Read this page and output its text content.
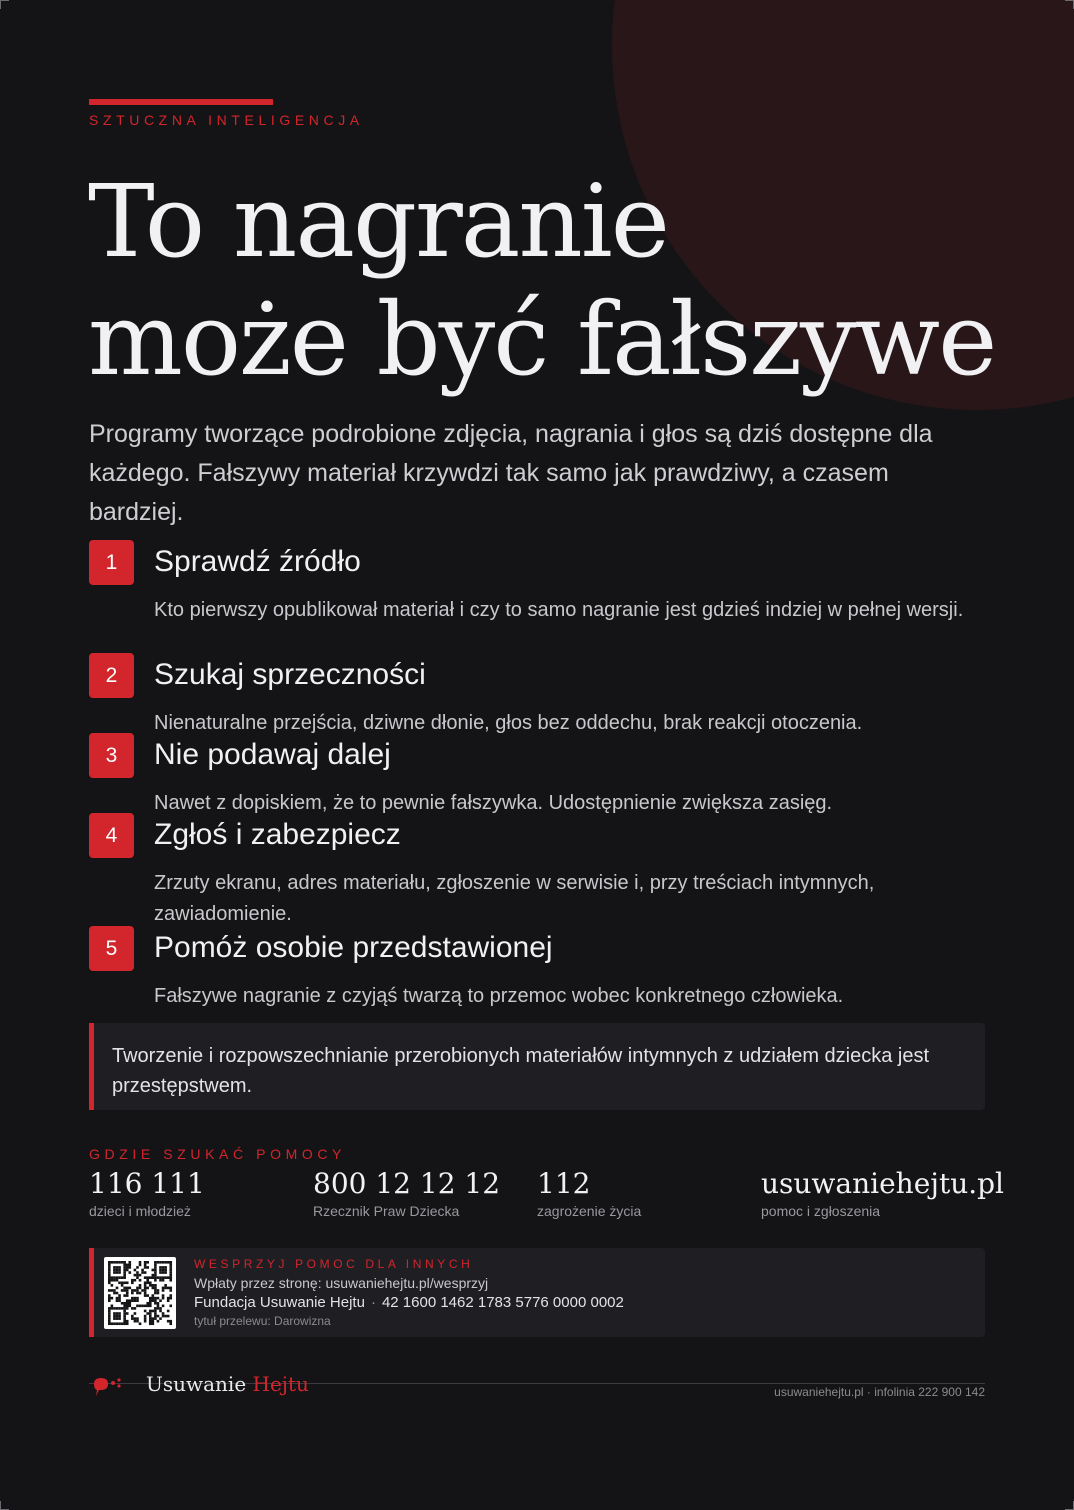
SZTUCZNA INTELIGENCJA
To nagranie
może być fałszywe

Programy tworzące podrobione zdjęcia, nagrania i głos są dziś dostępne dla każdego. Fałszywy materiał krzywdzi tak samo jak prawdziwy, a czasem bardziej.

1	Sprawdź źródło
Kto pierwszy opublikował materiał i czy to samo nagranie jest gdzieś indziej w pełnej wersji.
2	Szukaj sprzeczności
Nienaturalne przejścia, dziwne dłonie, głos bez oddechu, brak reakcji otoczenia.
3	Nie podawaj dalej
Nawet z dopiskiem, że to pewnie fałszywka. Udostępnienie zwiększa zasięg.
4	Zgłoś i zabezpiecz
Zrzuty ekranu, adres materiału, zgłoszenie w serwisie i, przy treściach intymnych, zawiadomienie.
5	Pomóż osobie przedstawionej
Fałszywe nagranie z czyjąś twarzą to przemoc wobec konkretnego człowieka.
Tworzenie i rozpowszechnianie przerobionych materiałów intymnych z udziałem dziecka jest przestępstwem.
GDZIE SZUKAĆ POMOCY
116 111
dzieci i młodzież
800 12 12 12
Rzecznik Praw Dziecka
112
zagrożenie życia
usuwaniehejtu.pl
pomoc i zgłoszenia
WESPRZYJ POMOC DLA INNYCH
Wpłaty przez stronę: usuwaniehejtu.pl/wesprzyj
Fundacja Usuwanie Hejtu · 42 1600 1462 1783 5776 0000 0002
tytuł przelewu: Darowizna
Usuwanie Hejtu	usuwaniehejtu.pl · infolinia 222 900 142
